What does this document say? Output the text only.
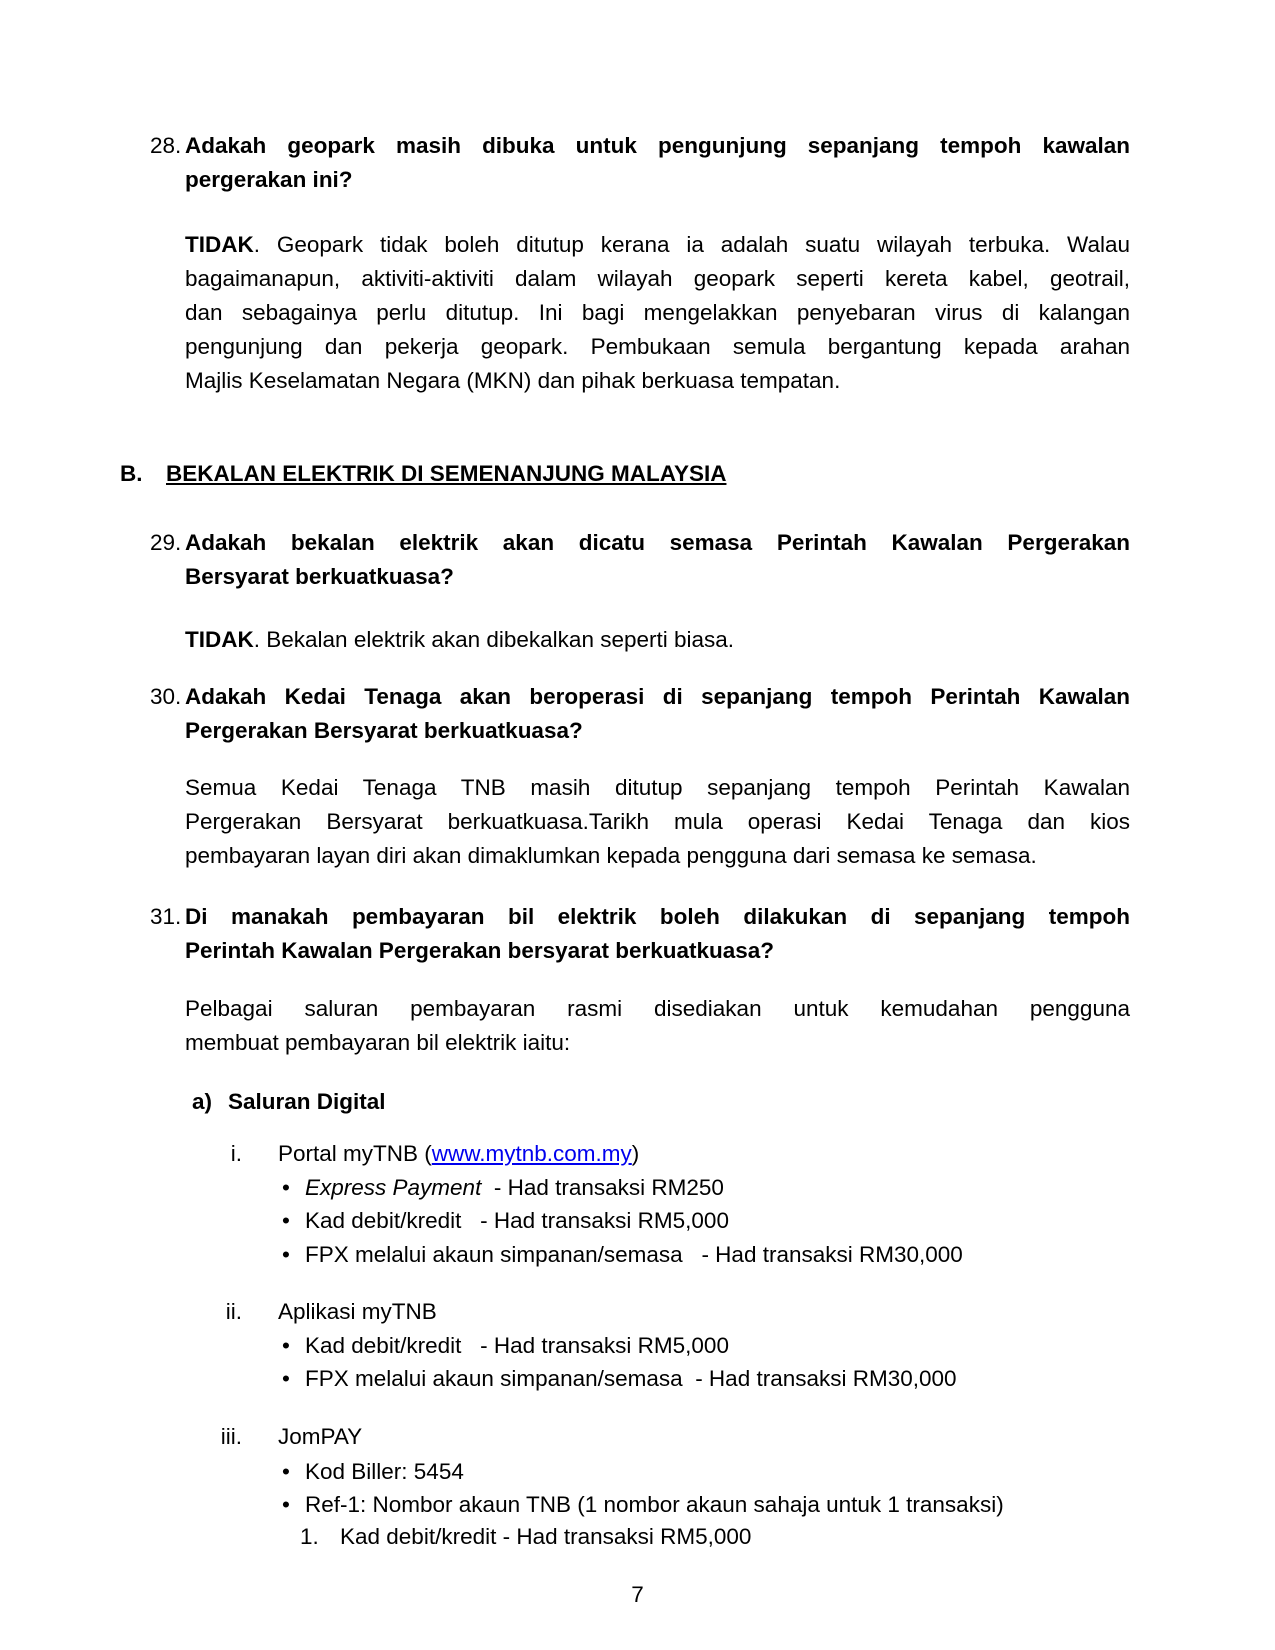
28. Adakah geopark masih dibuka untuk pengunjung sepanjang tempoh kawalan
pergerakan ini?
TIDAK. Geopark tidak boleh ditutup kerana ia adalah suatu wilayah terbuka. Walau
bagaimanapun, aktiviti-aktiviti dalam wilayah geopark seperti kereta kabel, geotrail,
dan sebagainya perlu ditutup. Ini bagi mengelakkan penyebaran virus di kalangan
pengunjung dan pekerja geopark. Pembukaan semula bergantung kepada arahan
Majlis Keselamatan Negara (MKN) dan pihak berkuasa tempatan.
B. BEKALAN ELEKTRIK DI SEMENANJUNG MALAYSIA
29. Adakah bekalan elektrik akan dicatu semasa Perintah Kawalan Pergerakan
Bersyarat berkuatkuasa?
TIDAK. Bekalan elektrik akan dibekalkan seperti biasa.
30. Adakah Kedai Tenaga akan beroperasi di sepanjang tempoh Perintah Kawalan
Pergerakan Bersyarat berkuatkuasa?
Semua Kedai Tenaga TNB masih ditutup sepanjang tempoh Perintah Kawalan
Pergerakan Bersyarat berkuatkuasa.Tarikh mula operasi Kedai Tenaga dan kios
pembayaran layan diri akan dimaklumkan kepada pengguna dari semasa ke semasa.
31. Di manakah pembayaran bil elektrik boleh dilakukan di sepanjang tempoh
Perintah Kawalan Pergerakan bersyarat berkuatkuasa?
Pelbagai saluran pembayaran rasmi disediakan untuk kemudahan pengguna
membuat pembayaran bil elektrik iaitu:
a) Saluran Digital
i. Portal myTNB (www.mytnb.com.my)
• Express Payment  - Had transaksi RM250
• Kad debit/kredit   - Had transaksi RM5,000
• FPX melalui akaun simpanan/semasa   - Had transaksi RM30,000
ii. Aplikasi myTNB
• Kad debit/kredit   - Had transaksi RM5,000
• FPX melalui akaun simpanan/semasa  - Had transaksi RM30,000
iii. JomPAY
• Kod Biller: 5454
• Ref-1: Nombor akaun TNB (1 nombor akaun sahaja untuk 1 transaksi)
1. Kad debit/kredit - Had transaksi RM5,000
7
